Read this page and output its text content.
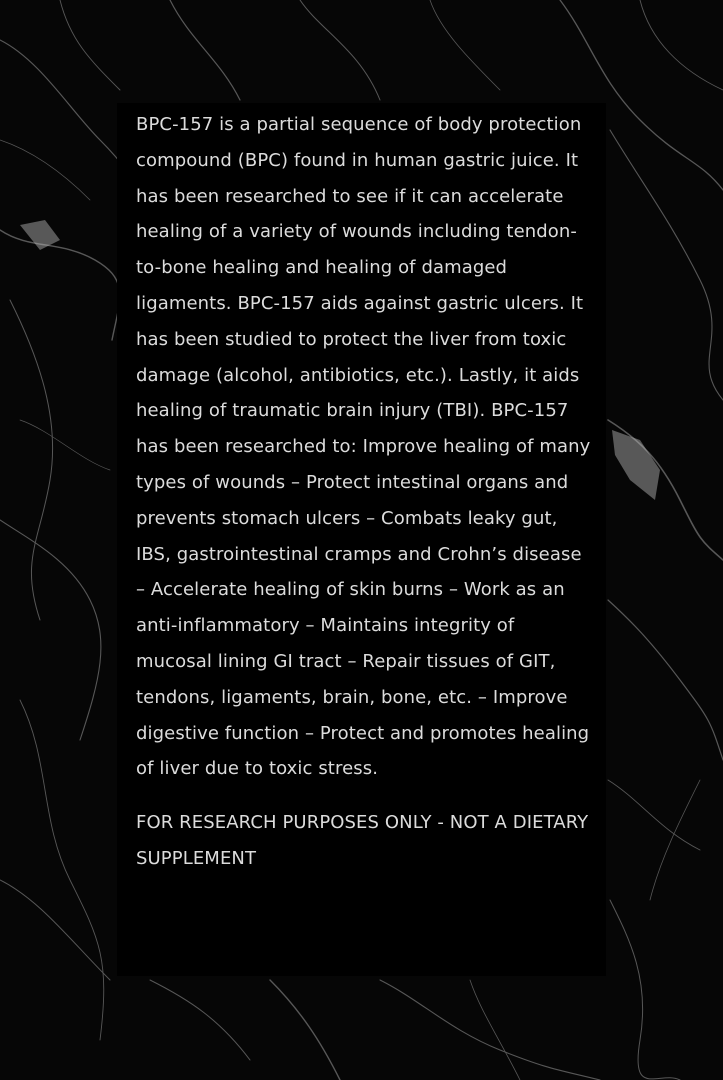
BPC-157 is a partial sequence of body protection compound (BPC) found in human gastric juice. It has been researched to see if it can accelerate healing of a variety of wounds including tendon-to-bone healing and healing of damaged ligaments. BPC-157 aids against gastric ulcers. It has been studied to protect the liver from toxic damage (alcohol, antibiotics, etc.). Lastly, it aids healing of traumatic brain injury (TBI). BPC-157 has been researched to: Improve healing of many types of wounds – Protect intestinal organs and prevents stomach ulcers – Combats leaky gut, IBS, gastrointestinal cramps and Crohn’s disease – Accelerate healing of skin burns – Work as an anti-inflammatory – Maintains integrity of mucosal lining GI tract – Repair tissues of GIT, tendons, ligaments, brain, bone, etc. – Improve digestive function – Protect and promotes healing of liver due to toxic stress.

FOR RESEARCH PURPOSES ONLY - NOT A DIETARY SUPPLEMENT
